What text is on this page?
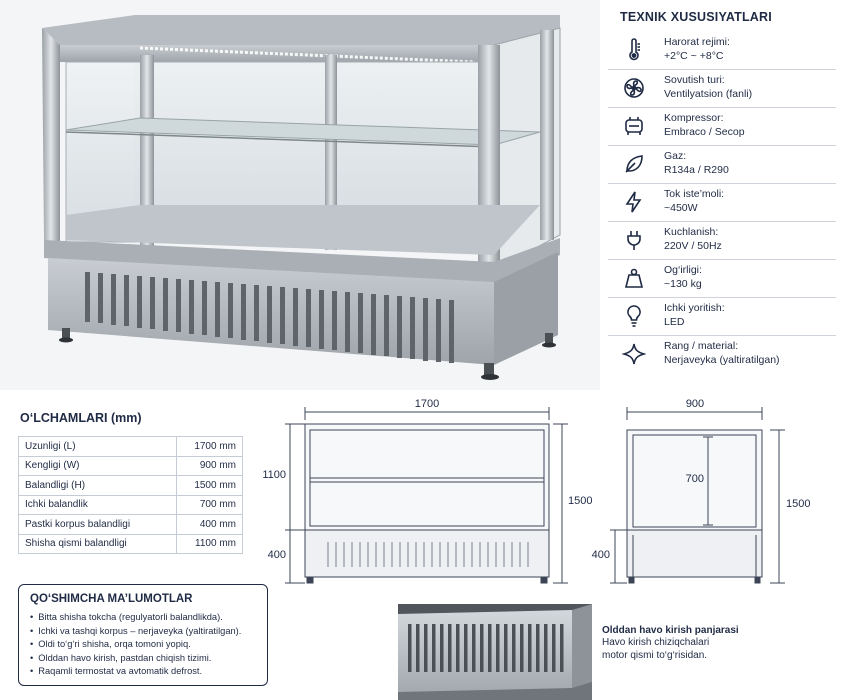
TEXNIK XUSUSIYATLARI
Harorat rejimi:
+2°C ~ +8°C
Sovutish turi:
Ventilyatsion (fanli)
Kompressor:
Embraco / Secop
Gaz:
R134a / R290
Tok iste’moli:
~450W
Kuchlanish:
220V / 50Hz
Og‘irligi:
~130 kg
Ichki yoritish:
LED
Rang / material:
Nerjaveyka (yaltiratilgan)
O‘LCHAMLARI (mm)
Uzunligi (L)	1700 mm
Kengligi (W)	900 mm
Balandligi (H)	1500 mm
Ichki balandlik	700 mm
Pastki korpus balandligi	400 mm
Shisha qismi balandligi	1100 mm
QO‘SHIMCHA MA’LUMOTLAR
• Bitta shisha tokcha (regulyatorli balandlikda).
• Ichki va tashqi korpus – nerjaveyka (yaltiratilgan).
• Oldi to‘g‘ri shisha, orqa tomoni yopiq.
• Olddan havo kirish, pastdan chiqish tizimi.
• Raqamli termostat va avtomatik defrost.
1700
1100
400
1500
900
700
400
1500
Olddan havo kirish panjarasi
Havo kirish chiziqchalari
motor qismi to‘g‘risidan.
